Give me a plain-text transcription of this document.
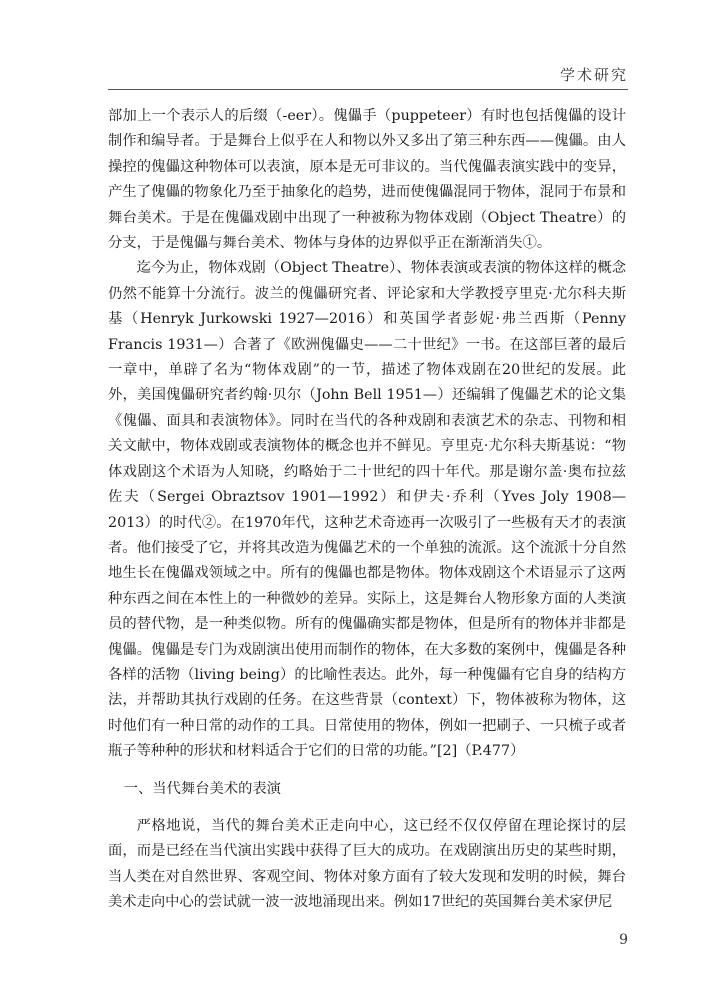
学术研究

部加上一个表示人的后缀（-eer）。傀儡手（puppeteer）有时也包括傀儡的设计制作和编导者。于是舞台上似乎在人和物以外又多出了第三种东西——傀儡。由人操控的傀儡这种物体可以表演，原本是无可非议的。当代傀儡表演实践中的变异，产生了傀儡的物象化乃至于抽象化的趋势，进而使傀儡混同于物体，混同于布景和舞台美术。于是在傀儡戏剧中出现了一种被称为物体戏剧（Object Theatre）的分支，于是傀儡与舞台美术、物体与身体的边界似乎正在渐渐消失①。

迄今为止，物体戏剧（Object Theatre）、物体表演或表演的物体这样的概念仍然不能算十分流行。波兰的傀儡研究者、评论家和大学教授亨里克·尤尔科夫斯基（Henryk Jurkowski 1927—2016）和英国学者彭妮·弗兰西斯（Penny Francis 1931—）合著了《欧洲傀儡史——二十世纪》一书。在这部巨著的最后一章中，单辟了名为“物体戏剧”的一节，描述了物体戏剧在20世纪的发展。此外，美国傀儡研究者约翰·贝尔（John Bell 1951—）还编辑了傀儡艺术的论文集《傀儡、面具和表演物体》。同时在当代的各种戏剧和表演艺术的杂志、刊物和相关文献中，物体戏剧或表演物体的概念也并不鲜见。亨里克·尤尔科夫斯基说：“物体戏剧这个术语为人知晓，约略始于二十世纪的四十年代。那是谢尔盖·奥布拉兹佐夫（Sergei Obraztsov 1901—1992）和伊夫·乔利（Yves Joly 1908—2013）的时代②。在1970年代，这种艺术奇迹再一次吸引了一些极有天才的表演者。他们接受了它，并将其改造为傀儡艺术的一个单独的流派。这个流派十分自然地生长在傀儡戏领域之中。所有的傀儡也都是物体。物体戏剧这个术语显示了这两种东西之间在本性上的一种微妙的差异。实际上，这是舞台人物形象方面的人类演员的替代物，是一种类似物。所有的傀儡确实都是物体，但是所有的物体并非都是傀儡。傀儡是专门为戏剧演出使用而制作的物体，在大多数的案例中，傀儡是各种各样的活物（living being）的比喻性表达。此外，每一种傀儡有它自身的结构方法，并帮助其执行戏剧的任务。在这些背景（context）下，物体被称为物体，这时他们有一种日常的动作的工具。日常使用的物体，例如一把刷子、一只梳子或者瓶子等种种的形状和材料适合于它们的日常的功能。”[2]（P.477）

一、当代舞台美术的表演

严格地说，当代的舞台美术正走向中心，这已经不仅仅停留在理论探讨的层面，而是已经在当代演出实践中获得了巨大的成功。在戏剧演出历史的某些时期，当人类在对自然世界、客观空间、物体对象方面有了较大发现和发明的时候，舞台美术走向中心的尝试就一波一波地涌现出来。例如17世纪的英国舞台美术家伊尼

9
